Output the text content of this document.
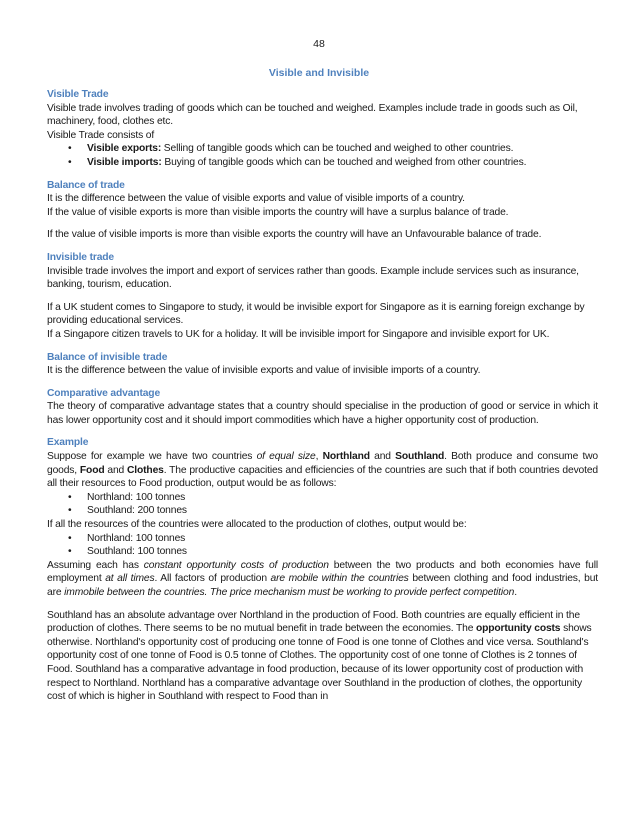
48
Visible and Invisible

Visible Trade

Visible trade involves trading of goods which can be touched and weighed. Examples include trade in goods such as Oil, machinery, food, clothes etc.

Visible Trade consists of

• Visible exports: Selling of tangible goods which can be touched and weighed to other countries.
• Visible imports: Buying of tangible goods which can be touched and weighed from other countries.

Balance of trade

It is the difference between the value of visible exports and value of visible imports of a country.

If the value of visible exports is more than visible imports the country will have a surplus balance of trade.

If the value of visible imports is more than visible exports the country will have an Unfavourable balance of trade.

Invisible trade

Invisible trade involves the import and export of services rather than goods. Example include services such as insurance, banking, tourism, education.

If a UK student comes to Singapore to study, it would be invisible export for Singapore as it is earning foreign exchange by providing educational services.

If a Singapore citizen travels to UK for a holiday. It will be invisible import for Singapore and invisible export for UK.

Balance of invisible trade

It is the difference between the value of invisible exports and value of invisible imports of a country.

Comparative advantage

The theory of comparative advantage states that a country should specialise in the production of good or service in which it has lower opportunity cost and it should import commodities which have a higher opportunity cost of production.

Example

Suppose for example we have two countries of equal size, Northland and Southland. Both produce and consume two goods, Food and Clothes. The productive capacities and efficiencies of the countries are such that if both countries devoted all their resources to Food production, output would be as follows:

• Northland: 100 tonnes
• Southland: 200 tonnes

If all the resources of the countries were allocated to the production of clothes, output would be:

• Northland: 100 tonnes
• Southland: 100 tonnes

Assuming each has constant opportunity costs of production between the two products and both economies have full employment at all times. All factors of production are mobile within the countries between clothing and food industries, but are immobile between the countries. The price mechanism must be working to provide perfect competition.

Southland has an absolute advantage over Northland in the production of Food. Both countries are equally efficient in the production of clothes. There seems to be no mutual benefit in trade between the economies. The opportunity costs shows otherwise. Northland's opportunity cost of producing one tonne of Food is one tonne of Clothes and vice versa. Southland's opportunity cost of one tonne of Food is 0.5 tonne of Clothes. The opportunity cost of one tonne of Clothes is 2 tonnes of Food. Southland has a comparative advantage in food production, because of its lower opportunity cost of production with respect to Northland. Northland has a comparative advantage over Southland in the production of clothes, the opportunity cost of which is higher in Southland with respect to Food than in
